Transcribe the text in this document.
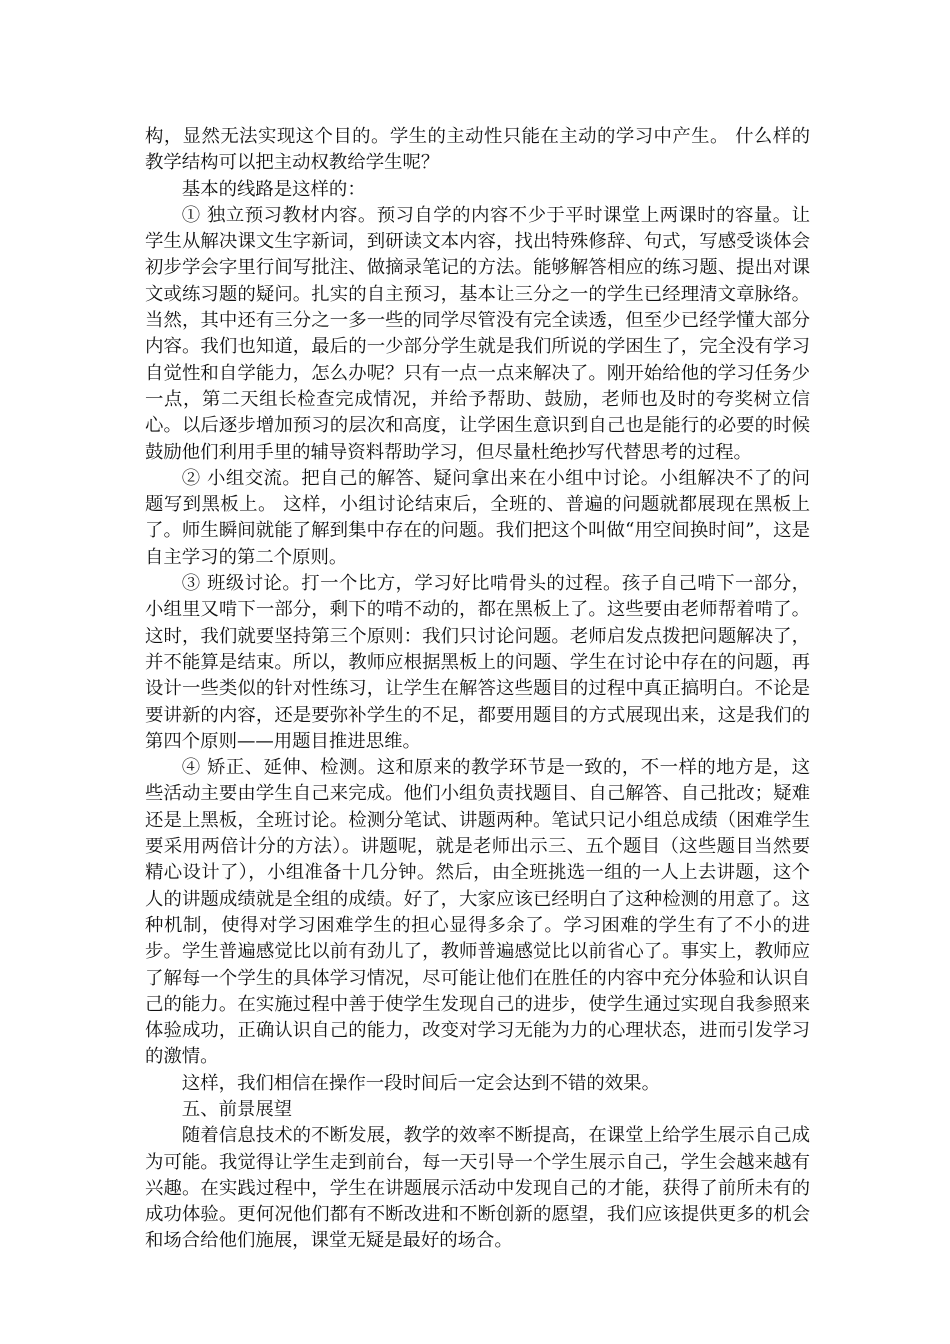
构，显然无法实现这个目的。学生的主动性只能在主动的学习中产生。 什么样的教学结构可以把主动权教给学生呢？

基本的线路是这样的：

① 独立预习教材内容。预习自学的内容不少于平时课堂上两课时的容量。让学生从解决课文生字新词，到研读文本内容，找出特殊修辞、句式，写感受谈体会初步学会字里行间写批注、做摘录笔记的方法。能够解答相应的练习题、提出对课文或练习题的疑问。扎实的自主预习，基本让三分之一的学生已经理清文章脉络。当然，其中还有三分之一多一些的同学尽管没有完全读透，但至少已经学懂大部分内容。我们也知道，最后的一少部分学生就是我们所说的学困生了，完全没有学习自觉性和自学能力，怎么办呢？只有一点一点来解决了。刚开始给他的学习任务少一点，第二天组长检查完成情况，并给予帮助、鼓励，老师也及时的夸奖树立信心。以后逐步增加预习的层次和高度，让学困生意识到自己也是能行的必要的时候鼓励他们利用手里的辅导资料帮助学习，但尽量杜绝抄写代替思考的过程。

② 小组交流。把自己的解答、疑问拿出来在小组中讨论。小组解决不了的问题写到黑板上。 这样，小组讨论结束后，全班的、普遍的问题就都展现在黑板上了。师生瞬间就能了解到集中存在的问题。我们把这个叫做“用空间换时间”，这是自主学习的第二个原则。

③ 班级讨论。打一个比方，学习好比啃骨头的过程。孩子自己啃下一部分，小组里又啃下一部分，剩下的啃不动的，都在黑板上了。这些要由老师帮着啃了。这时，我们就要坚持第三个原则：我们只讨论问题。老师启发点拨把问题解决了，并不能算是结束。所以，教师应根据黑板上的问题、学生在讨论中存在的问题，再设计一些类似的针对性练习，让学生在解答这些题目的过程中真正搞明白。不论是要讲新的内容，还是要弥补学生的不足，都要用题目的方式展现出来，这是我们的第四个原则——用题目推进思维。

④ 矫正、延伸、检测。这和原来的教学环节是一致的，不一样的地方是，这些活动主要由学生自己来完成。他们小组负责找题目、自己解答、自己批改；疑难还是上黑板，全班讨论。检测分笔试、讲题两种。笔试只记小组总成绩（困难学生要采用两倍计分的方法）。讲题呢，就是老师出示三、五个题目（这些题目当然要精心设计了），小组准备十几分钟。然后，由全班挑选一组的一人上去讲题，这个人的讲题成绩就是全组的成绩。好了，大家应该已经明白了这种检测的用意了。这种机制，使得对学习困难学生的担心显得多余了。学习困难的学生有了不小的进步。学生普遍感觉比以前有劲儿了，教师普遍感觉比以前省心了。事实上，教师应了解每一个学生的具体学习情况，尽可能让他们在胜任的内容中充分体验和认识自己的能力。在实施过程中善于使学生发现自己的进步，使学生通过实现自我参照来体验成功，正确认识自己的能力，改变对学习无能为力的心理状态，进而引发学习的激情。

这样，我们相信在操作一段时间后一定会达到不错的效果。

五、前景展望

随着信息技术的不断发展，教学的效率不断提高，在课堂上给学生展示自己成为可能。我觉得让学生走到前台，每一天引导一个学生展示自己，学生会越来越有兴趣。在实践过程中，学生在讲题展示活动中发现自己的才能，获得了前所未有的成功体验。更何况他们都有不断改进和不断创新的愿望，我们应该提供更多的机会和场合给他们施展，课堂无疑是最好的场合。
